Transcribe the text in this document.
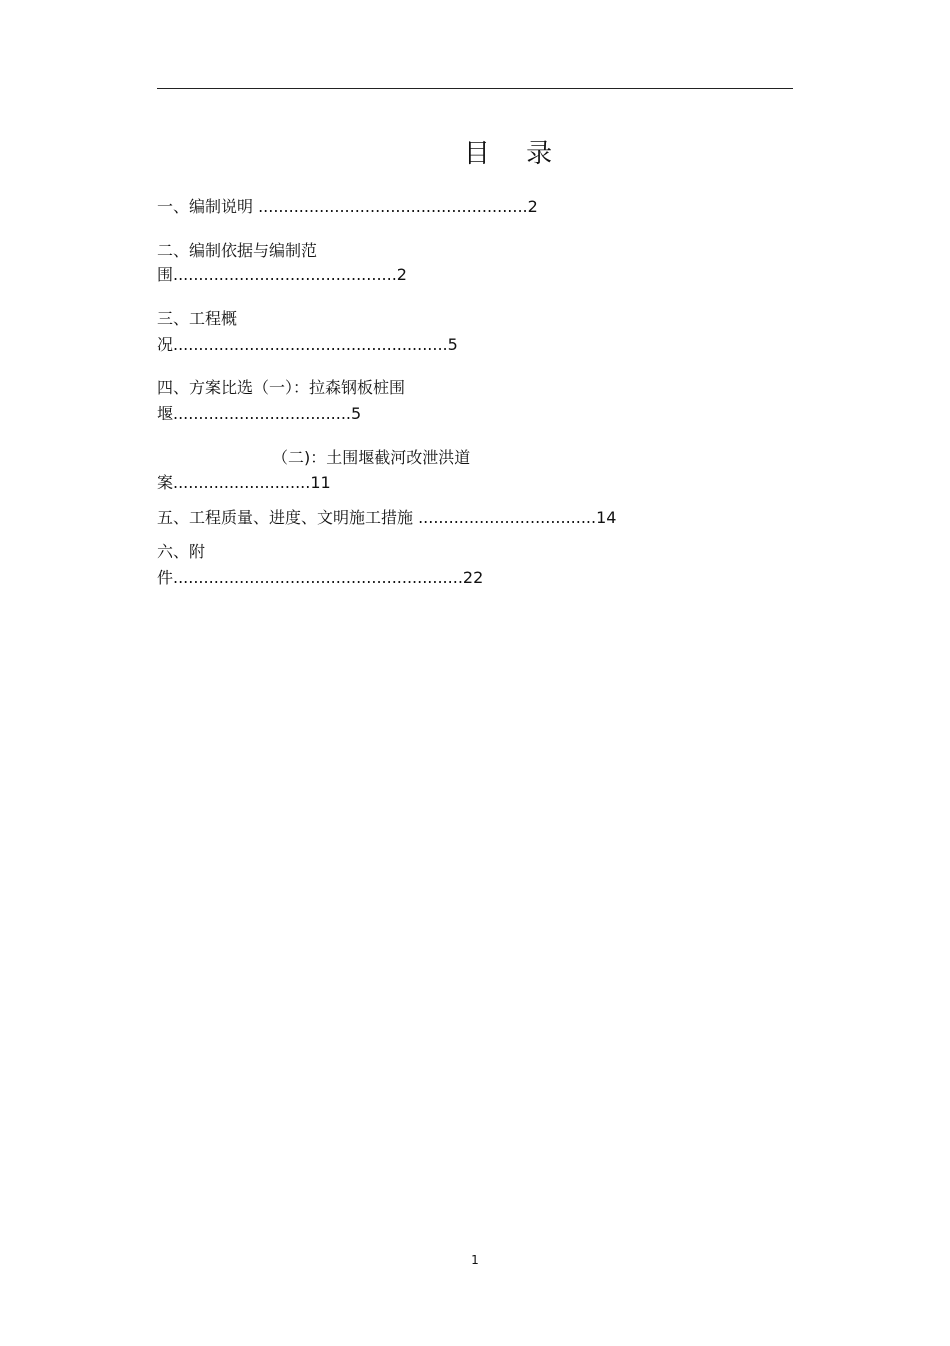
目 录
一、编制说明 .....................................................2
二、编制依据与编制范
围............................................2
三、工程概
况......................................................5
四、方案比选（一）：拉森钢板桩围
堰...................................5
（二)：土围堰截河改泄洪道
案...........................11
五、工程质量、进度、文明施工措施 ...................................14
六、附
件.........................................................22
1
